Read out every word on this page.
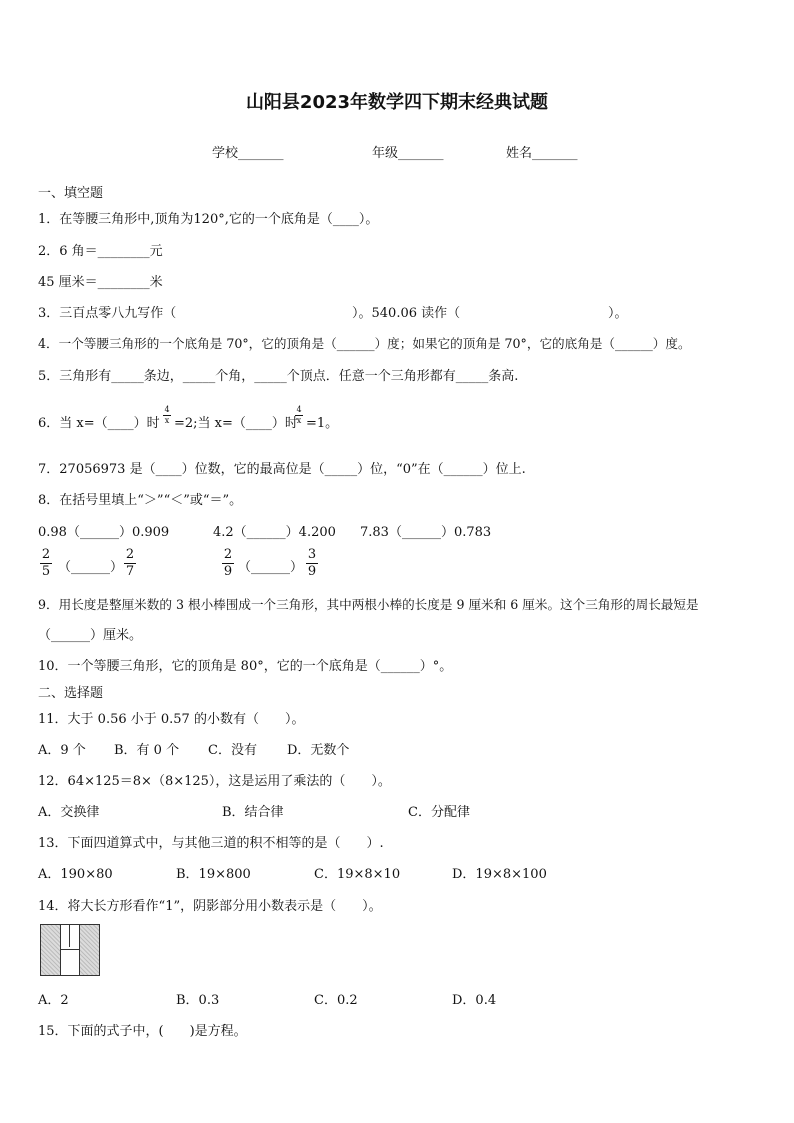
山阳县2023年数学四下期末经典试题
学校_______	年级_______	姓名_______
一、填空题
1．在等腰三角形中,顶角为120°,它的一个底角是（____）。
2．6 角＝________元
45 厘米＝________米
3．三百点零八九写作（	）。540.06 读作（	）。
4．一个等腰三角形的一个底角是 70°，它的顶角是（______）度；如果它的顶角是 70°，它的底角是（______）度。
5．三角形有_____条边，_____个角，_____个顶点．任意一个三角形都有_____条高.
6．当 x=（____）时
4
x =2;当 x=（____）时
4
x =1。
7．27056973 是（____）位数，它的最高位是（_____）位，“0”在（______）位上.
8．在括号里填上“＞”“＜”或“＝”。
0.98（______）0.909	4.2（______）4.200 7.83（______）0.783
2
5 （______）
2
7
2
9 （______）
3
9
9．用长度是整厘米数的 3 根小棒围成一个三角形，其中两根小棒的长度是 9 厘米和 6 厘米。这个三角形的周长最短是
（______）厘米。
10．一个等腰三角形，它的顶角是 80°，它的一个底角是（______）°。
二、选择题
11．大于 0.56 小于 0.57 的小数有（　　）。
A．9 个 B．有 0 个 C．没有 D．无数个
12．64×125＝8×（8×125），这是运用了乘法的（　　）。
A．交换律	B．结合律	C．分配律
13．下面四道算式中，与其他三道的积不相等的是（　　）.
A．190×80	B．19×800	C．19×8×10	D．19×8×100
14．将大长方形看作“1”，阴影部分用小数表示是（　　）。
A．2	B．0.3	C．0.2	D．0.4
15．下面的式子中，(　　)是方程。
